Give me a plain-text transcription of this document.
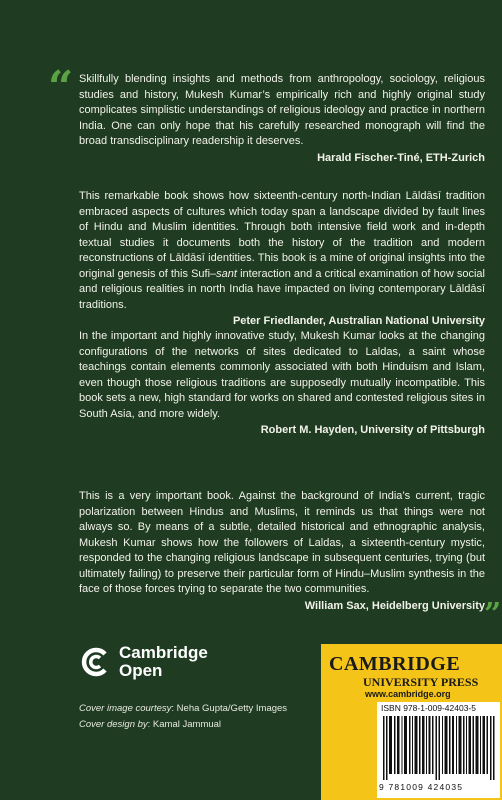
“ Skillfully blending insights and methods from anthropology, sociology, religious studies and history, Mukesh Kumar’s empirically rich and highly original study complicates simplistic understandings of religious ideology and practice in northern India. One can only hope that his carefully researched monograph will find the broad transdisciplinary readership it deserves.
Harald Fischer-Tiné, ETH-Zurich
This remarkable book shows how sixteenth-century north-Indian Lāldāsī tradition embraced aspects of cultures which today span a landscape divided by fault lines of Hindu and Muslim identities. Through both intensive field work and in-depth textual studies it documents both the history of the tradition and modern reconstructions of Lāldāsī identities. This book is a mine of original insights into the original genesis of this Sufi–sant interaction and a critical examination of how social and religious realities in north India have impacted on living contemporary Lāldāsī traditions.
Peter Friedlander, Australian National University
In the important and highly innovative study, Mukesh Kumar looks at the changing configurations of the networks of sites dedicated to Laldas, a saint whose teachings contain elements commonly associated with both Hinduism and Islam, even though those religious traditions are supposedly mutually incompatible. This book sets a new, high standard for works on shared and contested religious sites in South Asia, and more widely.
Robert M. Hayden, University of Pittsburgh
This is a very important book. Against the background of India’s current, tragic polarization between Hindus and Muslims, it reminds us that things were not always so. By means of a subtle, detailed historical and ethnographic analysis, Mukesh Kumar shows how the followers of Laldas, a sixteenth-century mystic, responded to the changing religious landscape in subsequent centuries, trying (but ultimately failing) to preserve their particular form of Hindu–Muslim synthesis in the face of those forces trying to separate the two communities.
William Sax, Heidelberg University ”
Cambridge
Open
Cover image courtesy: Neha Gupta/Getty Images
Cover design by: Kamal Jammual
CAMBRIDGE
UNIVERSITY PRESS
www.cambridge.org
ISBN 978-1-009-42403-5
9 781009 424035
